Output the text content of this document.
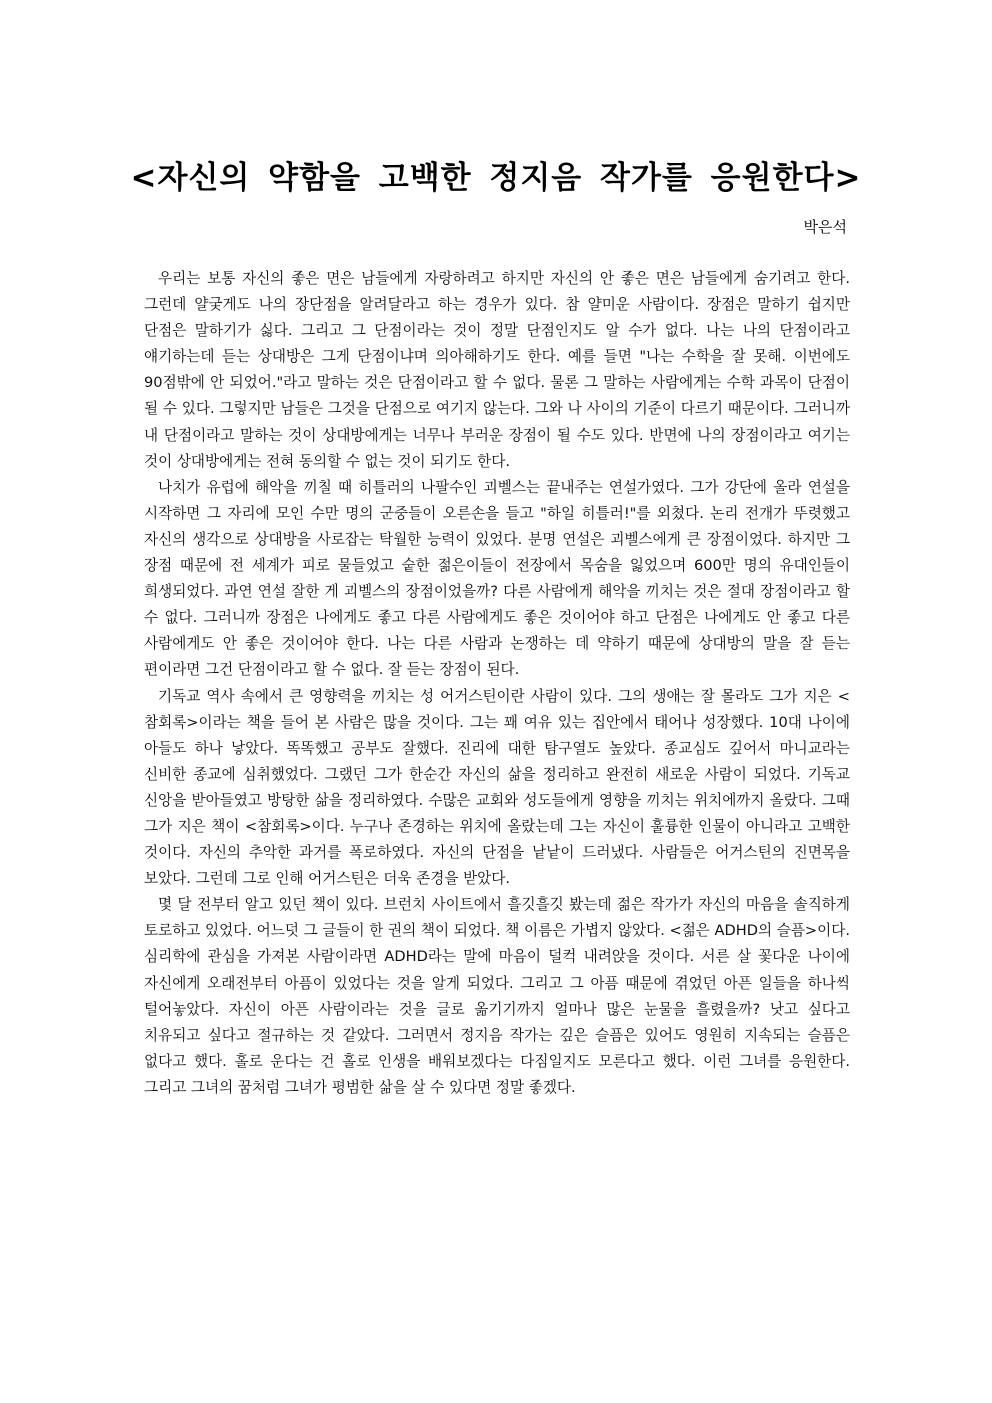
<자신의 약함을 고백한 정지음 작가를 응원한다>

박은석

우리는 보통 자신의 좋은 면은 남들에게 자랑하려고 하지만 자신의 안 좋은 면은 남들에게 숨기려고 한다. 그런데 얄궂게도 나의 장단점을 알려달라고 하는 경우가 있다. 참 얄미운 사람이다. 장점은 말하기 쉽지만 단점은 말하기가 싫다. 그리고 그 단점이라는 것이 정말 단점인지도 알 수가 없다. 나는 나의 단점이라고 얘기하는데 듣는 상대방은 그게 단점이냐며 의아해하기도 한다. 예를 들면 "나는 수학을 잘 못해. 이번에도 90점밖에 안 되었어."라고 말하는 것은 단점이라고 할 수 없다. 물론 그 말하는 사람에게는 수학 과목이 단점이 될 수 있다. 그렇지만 남들은 그것을 단점으로 여기지 않는다. 그와 나 사이의 기준이 다르기 때문이다. 그러니까 내 단점이라고 말하는 것이 상대방에게는 너무나 부러운 장점이 될 수도 있다. 반면에 나의 장점이라고 여기는 것이 상대방에게는 전혀 동의할 수 없는 것이 되기도 한다.

나치가 유럽에 해악을 끼칠 때 히틀러의 나팔수인 괴벨스는 끝내주는 연설가였다. 그가 강단에 올라 연설을 시작하면 그 자리에 모인 수만 명의 군중들이 오른손을 들고 "하일 히틀러!"를 외쳤다. 논리 전개가 뚜렷했고 자신의 생각으로 상대방을 사로잡는 탁월한 능력이 있었다. 분명 연설은 괴벨스에게 큰 장점이었다. 하지만 그 장점 때문에 전 세계가 피로 물들었고 숱한 젊은이들이 전장에서 목숨을 잃었으며 600만 명의 유대인들이 희생되었다. 과연 연설 잘한 게 괴벨스의 장점이었을까? 다른 사람에게 해악을 끼치는 것은 절대 장점이라고 할 수 없다. 그러니까 장점은 나에게도 좋고 다른 사람에게도 좋은 것이어야 하고 단점은 나에게도 안 좋고 다른 사람에게도 안 좋은 것이어야 한다. 나는 다른 사람과 논쟁하는 데 약하기 때문에 상대방의 말을 잘 듣는 편이라면 그건 단점이라고 할 수 없다. 잘 듣는 장점이 된다.

기독교 역사 속에서 큰 영향력을 끼치는 성 어거스틴이란 사람이 있다. 그의 생애는 잘 몰라도 그가 지은 <참회록>이라는 책을 들어 본 사람은 많을 것이다. 그는 꽤 여유 있는 집안에서 태어나 성장했다. 10대 나이에 아들도 하나 낳았다. 똑똑했고 공부도 잘했다. 진리에 대한 탐구열도 높았다. 종교심도 깊어서 마니교라는 신비한 종교에 심취했었다. 그랬던 그가 한순간 자신의 삶을 정리하고 완전히 새로운 사람이 되었다. 기독교 신앙을 받아들였고 방탕한 삶을 정리하였다. 수많은 교회와 성도들에게 영향을 끼치는 위치에까지 올랐다. 그때 그가 지은 책이 <참회록>이다. 누구나 존경하는 위치에 올랐는데 그는 자신이 훌륭한 인물이 아니라고 고백한 것이다. 자신의 추악한 과거를 폭로하였다. 자신의 단점을 낱낱이 드러냈다. 사람들은 어거스틴의 진면목을 보았다. 그런데 그로 인해 어거스틴은 더욱 존경을 받았다.

몇 달 전부터 알고 있던 책이 있다. 브런치 사이트에서 흘깃흘깃 봤는데 젊은 작가가 자신의 마음을 솔직하게 토로하고 있었다. 어느덧 그 글들이 한 권의 책이 되었다. 책 이름은 가볍지 않았다. <젊은 ADHD의 슬픔>이다. 심리학에 관심을 가져본 사람이라면 ADHD라는 말에 마음이 덜컥 내려앉을 것이다. 서른 살 꽃다운 나이에 자신에게 오래전부터 아픔이 있었다는 것을 알게 되었다. 그리고 그 아픔 때문에 겪었던 아픈 일들을 하나씩 털어놓았다. 자신이 아픈 사람이라는 것을 글로 옮기기까지 얼마나 많은 눈물을 흘렸을까? 낫고 싶다고 치유되고 싶다고 절규하는 것 같았다. 그러면서 정지음 작가는 깊은 슬픔은 있어도 영원히 지속되는 슬픔은 없다고 했다. 홀로 운다는 건 홀로 인생을 배워보겠다는 다짐일지도 모른다고 했다. 이런 그녀를 응원한다. 그리고 그녀의 꿈처럼 그녀가 평범한 삶을 살 수 있다면 정말 좋겠다.
